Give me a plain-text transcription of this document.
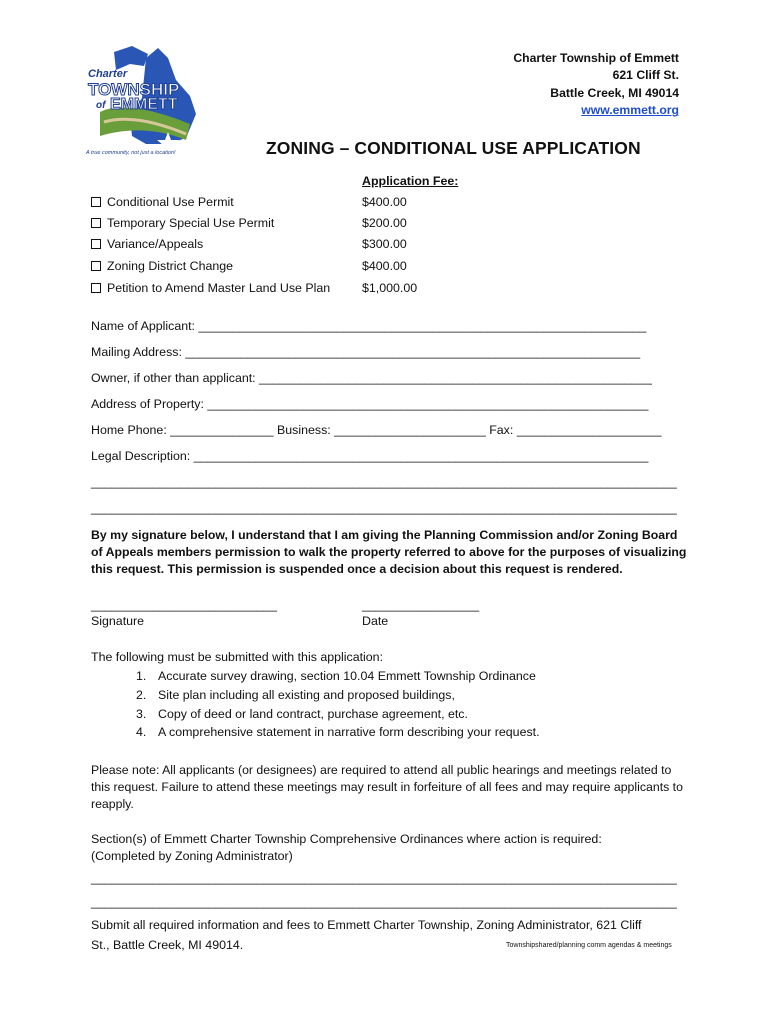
Charter
TOWNSHIP
of EMMETT
A true community, not just a location!
Charter Township of Emmett
621 Cliff St.
Battle Creek, MI 49014
www.emmett.org
ZONING – CONDITIONAL USE APPLICATION
Application Fee:
Conditional Use Permit	$400.00
Temporary Special Use Permit	$200.00
Variance/Appeals	$300.00
Zoning District Change	$400.00
Petition to Amend Master Land Use Plan	$1,000.00
Name of Applicant: _________________________________________________________________
Mailing Address: __________________________________________________________________
Owner, if other than applicant: _________________________________________________________
Address of Property: ________________________________________________________________
Home Phone: _______________ Business: ______________________ Fax: _____________________
Legal Description: __________________________________________________________________
_____________________________________________________________________________________
_____________________________________________________________________________________
By my signature below, I understand that I am giving the Planning Commission and/or Zoning Board of Appeals members permission to walk the property referred to above for the purposes of visualizing this request. This permission is suspended once a decision about this request is rendered.
___________________________	_________________
Signature	Date
The following must be submitted with this application:
1. Accurate survey drawing, section 10.04 Emmett Township Ordinance
2. Site plan including all existing and proposed buildings,
3. Copy of deed or land contract, purchase agreement, etc.
4. A comprehensive statement in narrative form describing your request.
Please note: All applicants (or designees) are required to attend all public hearings and meetings related to this request. Failure to attend these meetings may result in forfeiture of all fees and may require applicants to reapply.
Section(s) of Emmett Charter Township Comprehensive Ordinances where action is required:
(Completed by Zoning Administrator)
_____________________________________________________________________________________
_____________________________________________________________________________________
Submit all required information and fees to Emmett Charter Township, Zoning Administrator, 621 Cliff
St., Battle Creek, MI 49014.	Townshipshared/planning comm agendas & meetings
